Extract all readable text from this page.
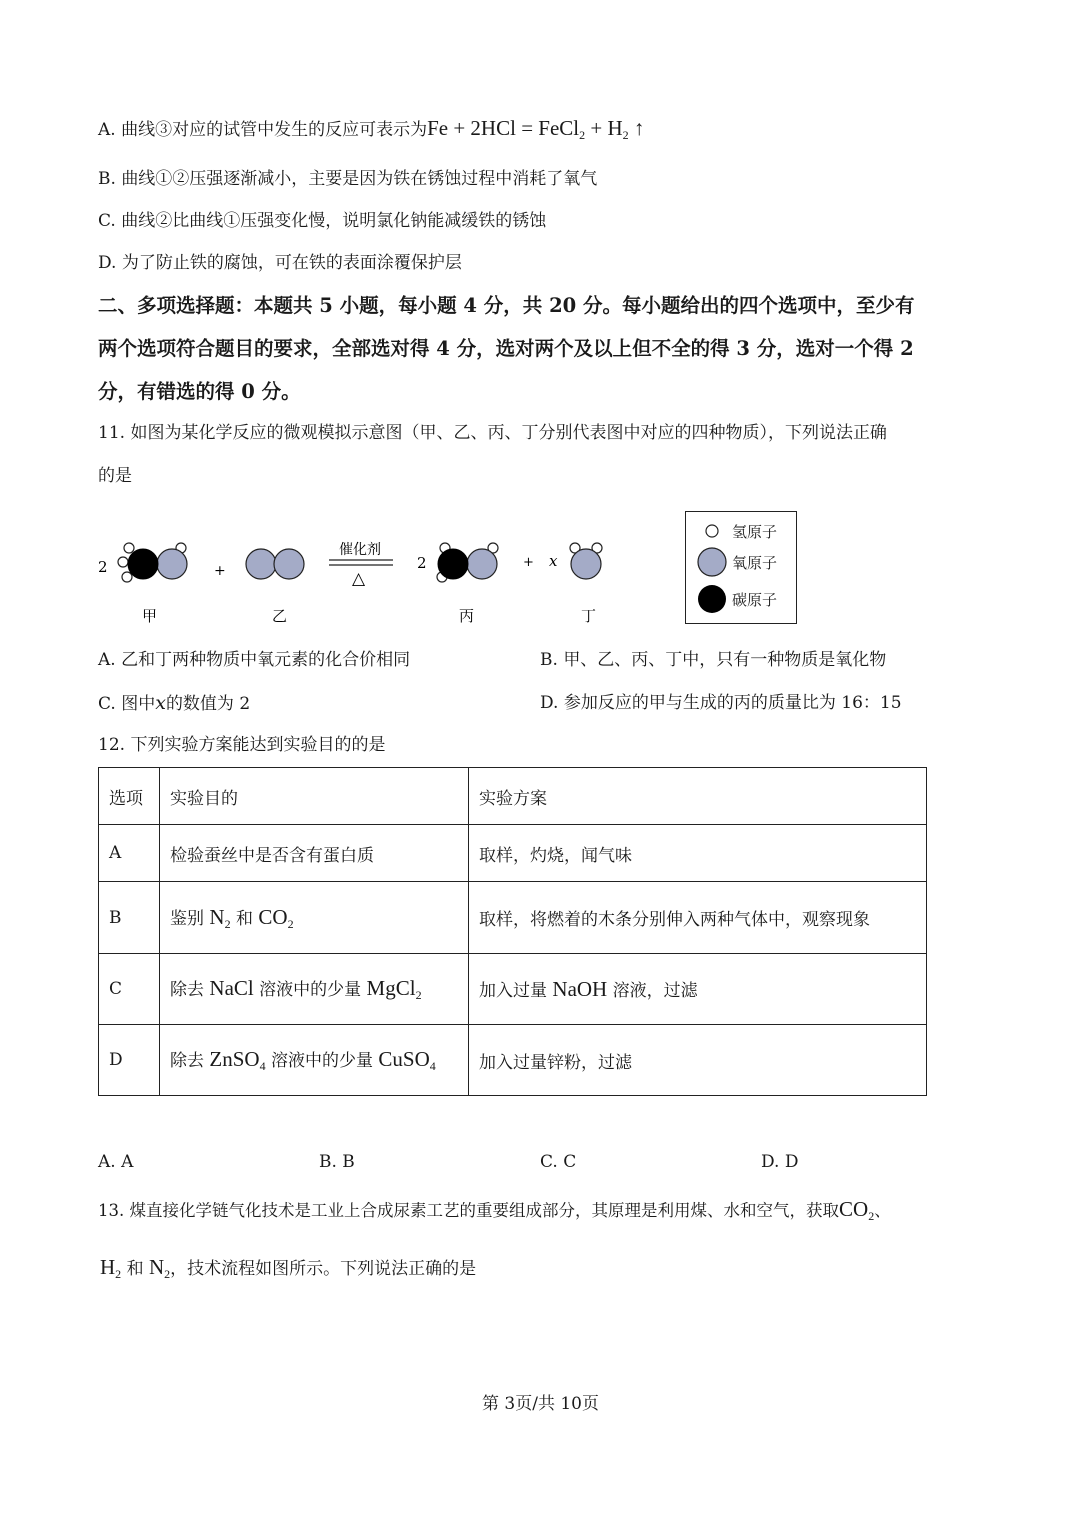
A. 曲线③对应的试管中发生的反应可表示为Fe + 2HCl = FeCl$_2$ + $H_2$ ↑
B. 曲线①②压强逐渐减小，主要是因为铁在锈蚀过程中消耗了氧气
C. 曲线②比曲线①压强变化慢，说明氯化钠能减缓铁的锈蚀
D. 为了防止铁的腐蚀，可在铁的表面涂覆保护层
二、多项选择题：本题共 5 小题，每小题 4 分，共 20 分。每小题给出的四个选项中，至少有
两个选项符合题目的要求，全部选对得 4 分，选对两个及以上但不全的得 3 分，选对一个得 2
分，有错选的得 0 分。
11. 如图为某化学反应的微观模拟示意图（甲、乙、丙、丁分别代表图中对应的四种物质），下列说法正确
的是
2	+
催化剂
△
2	+ x
甲	乙	丙	丁
氢原子
氧原子
碳原子
A. 乙和丁两种物质中氧元素的化合价相同	B. 甲、乙、丙、丁中，只有一种物质是氧化物
C. 图中x的数值为 2	D. 参加反应的甲与生成的丙的质量比为 16：15
12. 下列实验方案能达到实验目的的是
选项	实验目的	实验方案
A	检验蚕丝中是否含有蛋白质	取样，灼烧，闻气味
B	鉴别 $N_2$ 和 $CO_2$	取样，将燃着的木条分别伸入两种气体中，观察现象
C	除去 NaCl 溶液中的少量 MgCl$_2$	加入过量 NaOH 溶液，过滤
D	除去 ZnSO$_4$ 溶液中的少量 CuSO$_4$	加入过量锌粉，过滤
A. A	B. B	C. C	D. D
13. 煤直接化学链气化技术是工业上合成尿素工艺的重要组成部分，其原理是利用煤、水和空气，获取$CO_2$、
$H_2$ 和 $N_2$，技术流程如图所示。下列说法正确的是
第 3页/共 10页
